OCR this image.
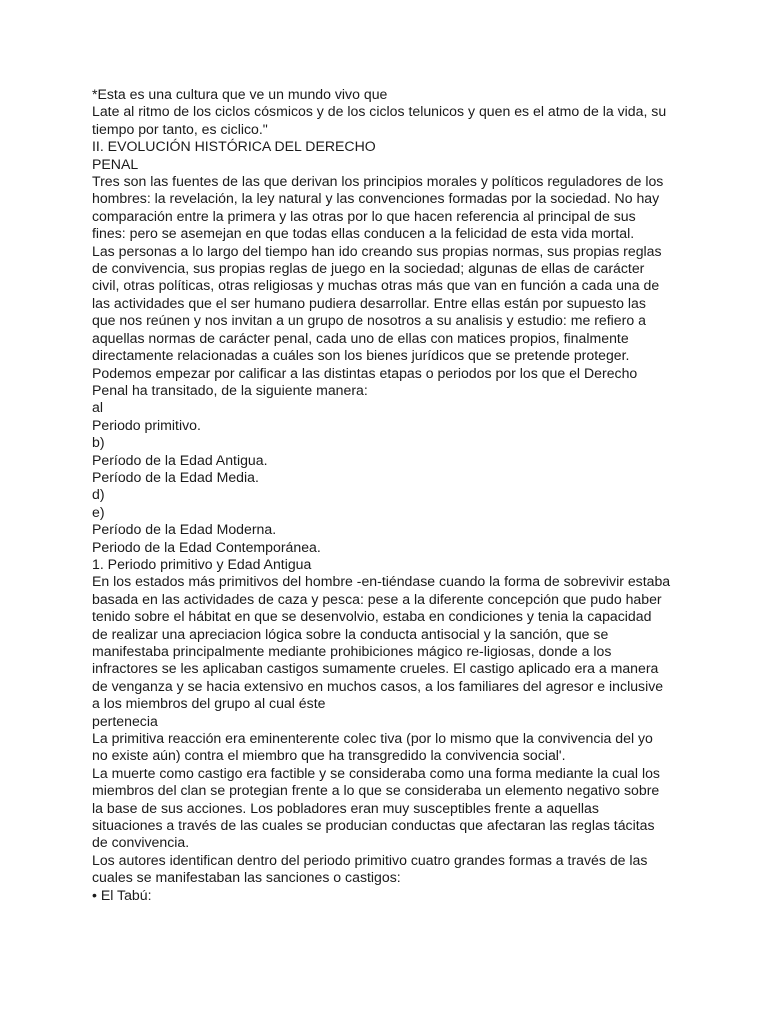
*Esta es una cultura que ve un mundo vivo que
Late al ritmo de los ciclos cósmicos y de los ciclos telunicos y quen es el atmo de la vida, su
tiempo por tanto, es ciclico."
II. EVOLUCIÓN HISTÓRICA DEL DERECHO
PENAL
Tres son las fuentes de las que derivan los principios morales y políticos reguladores de los
hombres: la revelación, la ley natural y las convenciones formadas por la sociedad. No hay
comparación entre la primera y las otras por lo que hacen referencia al principal de sus
fines: pero se asemejan en que todas ellas conducen a la felicidad de esta vida mortal.
Las personas a lo largo del tiempo han ido creando sus propias normas, sus propias reglas
de convivencia, sus propias reglas de juego en la sociedad; algunas de ellas de carácter
civil, otras políticas, otras religiosas y muchas otras más que van en función a cada una de
las actividades que el ser humano pudiera desarrollar. Entre ellas están por supuesto las
que nos reúnen y nos invitan a un grupo de nosotros a su analisis y estudio: me refiero a
aquellas normas de carácter penal, cada uno de ellas con matices propios, finalmente
directamente relacionadas a cuáles son los bienes jurídicos que se pretende proteger.
Podemos empezar por calificar a las distintas etapas o periodos por los que el Derecho
Penal ha transitado, de la siguiente manera:
al
Periodo primitivo.
b)
Período de la Edad Antigua.
Período de la Edad Media.
d)
e)
Período de la Edad Moderna.
Periodo de la Edad Contemporánea.
1. Periodo primitivo y Edad Antigua
En los estados más primitivos del hombre -en-tiéndase cuando la forma de sobrevivir estaba
basada en las actividades de caza y pesca: pese a la diferente concepción que pudo haber
tenido sobre el hábitat en que se desenvolvio, estaba en condiciones y tenia la capacidad
de realizar una apreciacion lógica sobre la conducta antisocial y la sanción, que se
manifestaba principalmente mediante prohibiciones mágico re-ligiosas, donde a los
infractores se les aplicaban castigos sumamente crueles. El castigo aplicado era a manera
de venganza y se hacia extensivo en muchos casos, a los familiares del agresor e inclusive
a los miembros del grupo al cual éste
pertenecia
La primitiva reacción era eminenterente colec tiva (por lo mismo que la convivencia del yo
no existe aún) contra el miembro que ha transgredido la convivencia social'.
La muerte como castigo era factible y se consideraba como una forma mediante la cual los
miembros del clan se protegian frente a lo que se consideraba un elemento negativo sobre
la base de sus acciones. Los pobladores eran muy susceptibles frente a aquellas
situaciones a través de las cuales se producian conductas que afectaran las reglas tácitas
de convivencia.
Los autores identifican dentro del periodo primitivo cuatro grandes formas a través de las
cuales se manifestaban las sanciones o castigos:
• El Tabú:
